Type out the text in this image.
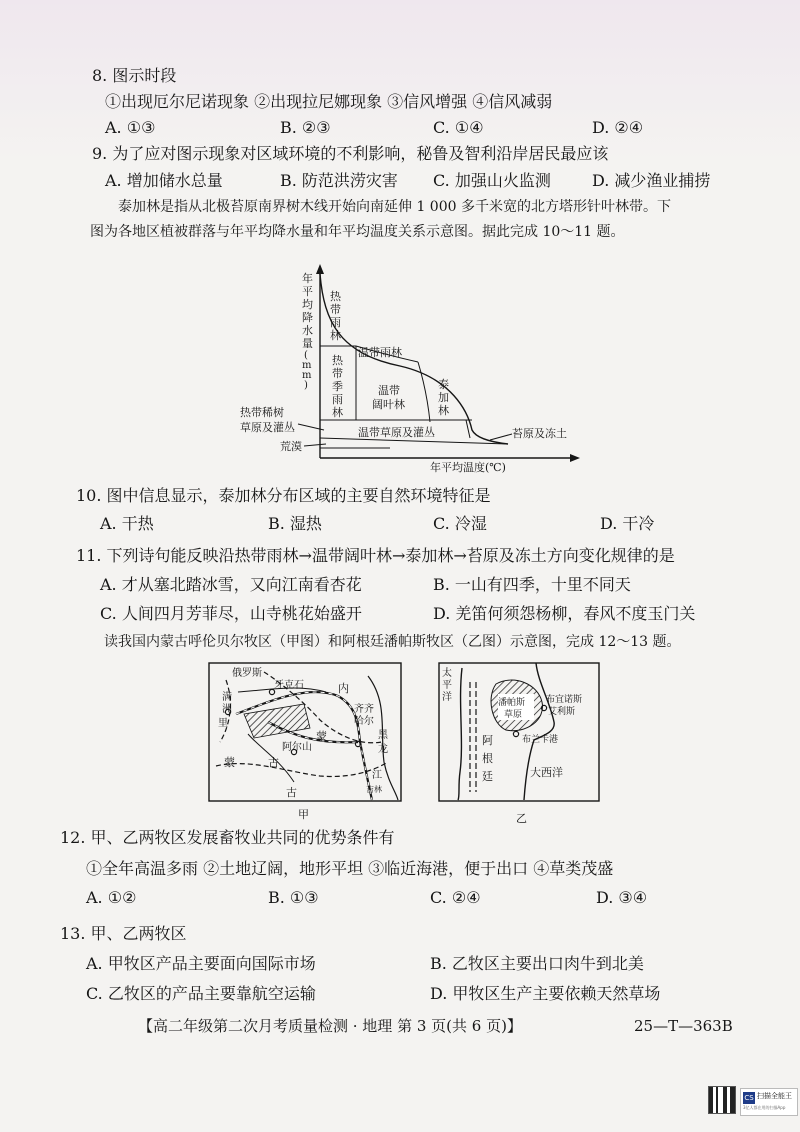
8. 图示时段
①出现厄尔尼诺现象 ②出现拉尼娜现象 ③信风增强 ④信风减弱
A. ①③	B. ②③	C. ①④	D. ②④
9. 为了应对图示现象对区域环境的不利影响，秘鲁及智利沿岸居民最应该
A. 增加储水总量	B. 防范洪涝灾害 C. 加强山火监测	D. 减少渔业捕捞
泰加林是指从北极苔原南界树木线开始向南延伸 1 000 多千米宽的北方塔形针叶林带。下
图为各地区植被群落与年平均降水量和年平均温度关系示意图。据此完成 10～11 题。
年
平
均
降
水
量
(
m
m
)
年平均温度(℃)
热
带
雨
林
温带雨林
热
带
季
雨
林
温带
阔叶林
泰
加
林
温带草原及灌丛
热带稀树
草原及灌丛
荒漠
苔原及冻土
10. 图中信息显示，泰加林分布区域的主要自然环境特征是
A. 干热	B. 湿热	C. 冷湿	D. 干冷
11. 下列诗句能反映沿热带雨林→温带阔叶林→泰加林→苔原及冻土方向变化规律的是
A. 才从塞北踏冰雪，又向江南看杏花	B. 一山有四季，十里不同天
C. 人间四月芳菲尽，山寺桃花始盛开	D. 羌笛何须怨杨柳，春风不度玉门关
读我国内蒙古呼伦贝尔牧区（甲图）和阿根廷潘帕斯牧区（乙图）示意图，完成 12～13 题。
俄罗斯
满
洲
里
牙克石	内
蒙
蒙	古
古
阿尔山
齐 齐
哈 尔
黑
龙
江
吉林
甲
太
平
洋	潘帕斯
草原
布宜诺斯
艾利斯
布兰卡港
阿
根
廷	大西洋
乙
12. 甲、乙两牧区发展畜牧业共同的优势条件有
①全年高温多雨 ②土地辽阔，地形平坦 ③临近海港，便于出口 ④草类茂盛
A. ①②	B. ①③	C. ②④	D. ③④
13. 甲、乙两牧区
A. 甲牧区产品主要面向国际市场	B. 乙牧区主要出口肉牛到北美
C. 乙牧区的产品主要靠航空运输	D. 甲牧区生产主要依赖天然草场
【高二年级第二次月考质量检测 · 地理 第 3 页(共 6 页)】	25—T—363B
CS 扫描全能王
3亿人都在用的扫描App
